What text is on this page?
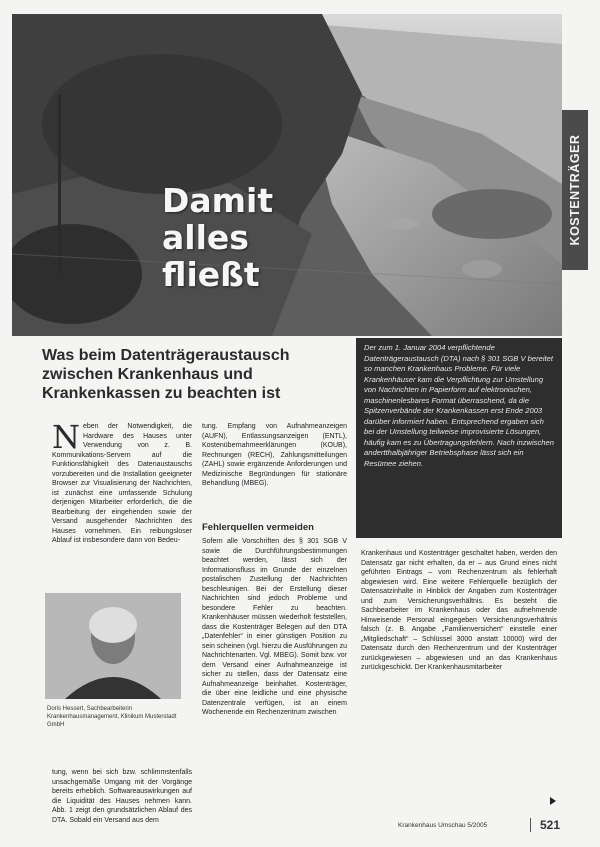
Damit
alles
fließt
KOSTENTRÄGER
Was beim Datenträgeraustausch zwischen Krankenhaus und Krankenkassen zu beachten ist
Der zum 1. Januar 2004 verpflichtende Datenträgeraustausch (DTA) nach § 301 SGB V bereitet so manchen Krankenhaus Probleme. Für viele Krankenhäuser kam die Verpflichtung zur Umstellung von Nachrichten in Papierform auf elektronischen, maschinenlesbares Format überraschend, da die Spitzenverbände der Krankenkassen erst Ende 2003 darüber informiert haben. Entsprechend ergaben sich bei der Umstellung teilweise improvisierte Lösungen, häufig kam es zu Übertragungsfehlern. Nach inzwischen andertthalbjähriger Betriebsphase lässt sich ein Resümee ziehen.
N eben der Notwendigkeit, die Hardware des Hauses unter Verwendung von z. B. Kommunikations-Servern auf die Funktionsfähigkeit des Datenaustauschs vorzubereiten und die Installation geeigneter Browser zur Visualisierung der Nachrichten, ist zunächst eine umfassende Schulung derjenigen Mitarbeiter erforderlich, die die Bearbeitung der eingehenden sowie der Versand ausgehender Nachrichten des Hauses vornehmen. Ein reibungsloser Ablauf ist insbesondere dann von Bedeu-
Doris Hessert, Sachbearbeiterin Krankenhausmanagement, Klinikum Musterstadt GmbH
tung, wenn bei sich bzw. schlimmstenfalls unsachgemäße Umgang mit der Vorgänge bereits erheblich. Softwareauswirkungen auf die Liquidität des Hauses nehmen kann. Abb. 1 zeigt den grundsätzlichen Ablauf des DTA. Sobald ein Versand aus dem
tung. Empfang von Aufnahmeanzeigen (AUFN), Entlassungsanzeigen (ENTL), Kostenübernahmeerklärungen (KOUB), Rechnungen (RECH), Zahlungsmitteilungen (ZAHL) sowie ergänzende Anforderungen und Medizinische Begründungen für stationäre Behandlung (MBEG).
Fehlerquellen vermeiden
Sofern alle Vorschriften des § 301 SGB V sowie die Durchführungsbestimmungen beachtet werden, lässt sich der Informationsfluss im Grunde der einzelnen postalischen Zustellung der Nachrichten beschleunigen. Bei der Erstellung dieser Nachrichten sind jedoch Probleme und besondere Fehler zu beachten. Krankenhäuser müssen wiederholt feststellen, dass die Kostenträger Belegen auf den DTA „Datenfehler“ in einer günstigen Position zu sein scheinen (vgl. hierzu die Ausführungen zu Nachrichtenarten. Vgl. MBEG). Somit bzw. vor dem Versand einer Aufnahmeanzeige ist sicher zu stellen, dass der Datensatz eine Aufnahmeanzeige beinhaltet. Kostenträger, die über eine leidliche und eine physische Datenzentrale verfügen, ist an einem Wochenende ein Rechenzentrum zwischen
Krankenhaus und Kostenträger geschaltet haben, werden den Datensatz gar nicht erhalten, da er – aus Grund eines nicht geführten Eintrags – vom Rechenzentrum als fehlerhaft abgewiesen wird. Eine weitere Fehlerquelle bezüglich der Datensatzinhalte in Hinblick der Angaben zum Kostenträger und zum Versicherungsverhältnis. Es besteht die Sachbearbeiter im Krankenhaus oder das aufnehmende Hinweisende Personal eingegeben Versicherungsverhältnis falsch (z. B. Angabe „Familienversichert“ einstelle einer „Mitgliedschaft“ – Schlüssel 3000 anstatt 10000) wird der Datensatz durch den Rechenzentrum und der Kostenträger zurückgewiesen – abgewiesen und an das Krankenhaus zurückgeschickt. Der Krankenhausmitarbeiter
Krankenhaus Umschau 5/2005	521
